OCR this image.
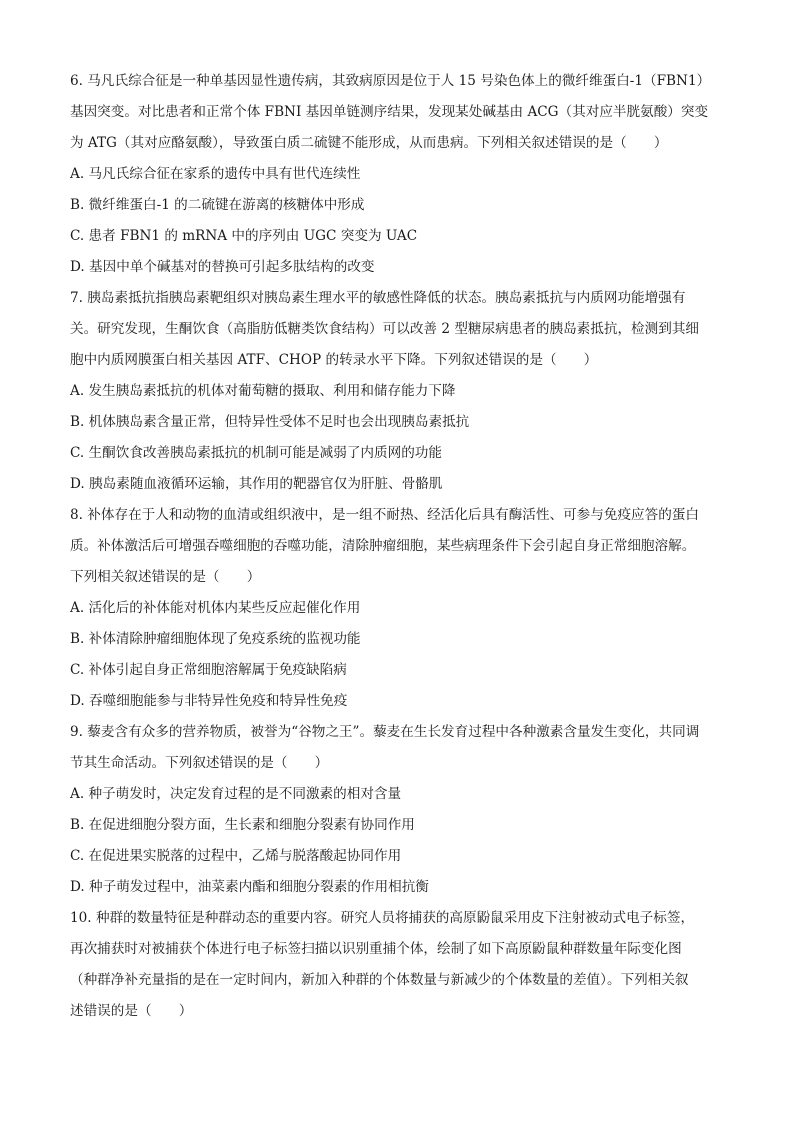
6. 马凡氏综合征是一种单基因显性遗传病，其致病原因是位于人 15 号染色体上的微纤维蛋白-1（FBN1）
基因突变。对比患者和正常个体 FBNI 基因单链测序结果，发现某处碱基由 ACG（其对应半胱氨酸）突变
为 ATG（其对应酪氨酸），导致蛋白质二硫键不能形成，从而患病。下列相关叙述错误的是（　　）
A. 马凡氏综合征在家系的遗传中具有世代连续性
B. 微纤维蛋白-1 的二硫键在游离的核糖体中形成
C. 患者 FBN1 的 mRNA 中的序列由 UGC 突变为 UAC
D. 基因中单个碱基对的替换可引起多肽结构的改变
7. 胰岛素抵抗指胰岛素靶组织对胰岛素生理水平的敏感性降低的状态。胰岛素抵抗与内质网功能增强有
关。研究发现，生酮饮食（高脂肪低糖类饮食结构）可以改善 2 型糖尿病患者的胰岛素抵抗，检测到其细
胞中内质网膜蛋白相关基因 ATF、CHOP 的转录水平下降。下列叙述错误的是（　　）
A. 发生胰岛素抵抗的机体对葡萄糖的摄取、利用和储存能力下降
B. 机体胰岛素含量正常，但特异性受体不足时也会出现胰岛素抵抗
C. 生酮饮食改善胰岛素抵抗的机制可能是减弱了内质网的功能
D. 胰岛素随血液循环运输，其作用的靶器官仅为肝脏、骨骼肌
8. 补体存在于人和动物的血清或组织液中，是一组不耐热、经活化后具有酶活性、可参与免疫应答的蛋白
质。补体激活后可增强吞噬细胞的吞噬功能，清除肿瘤细胞，某些病理条件下会引起自身正常细胞溶解。
下列相关叙述错误的是（　　）
A. 活化后的补体能对机体内某些反应起催化作用
B. 补体清除肿瘤细胞体现了免疫系统的监视功能
C. 补体引起自身正常细胞溶解属于免疫缺陷病
D. 吞噬细胞能参与非特异性免疫和特异性免疫
9. 藜麦含有众多的营养物质，被誉为“谷物之王”。藜麦在生长发育过程中各种激素含量发生变化，共同调
节其生命活动。下列叙述错误的是（　　）
A. 种子萌发时，决定发育过程的是不同激素的相对含量
B. 在促进细胞分裂方面，生长素和细胞分裂素有协同作用
C. 在促进果实脱落的过程中，乙烯与脱落酸起协同作用
D. 种子萌发过程中，油菜素内酯和细胞分裂素的作用相抗衡
10. 种群的数量特征是种群动态的重要内容。研究人员将捕获的高原鼢鼠采用皮下注射被动式电子标签，
再次捕获时对被捕获个体进行电子标签扫描以识别重捕个体，绘制了如下高原鼢鼠种群数量年际变化图
（种群净补充量指的是在一定时间内，新加入种群的个体数量与新减少的个体数量的差值）。下列相关叙
述错误的是（　　）
